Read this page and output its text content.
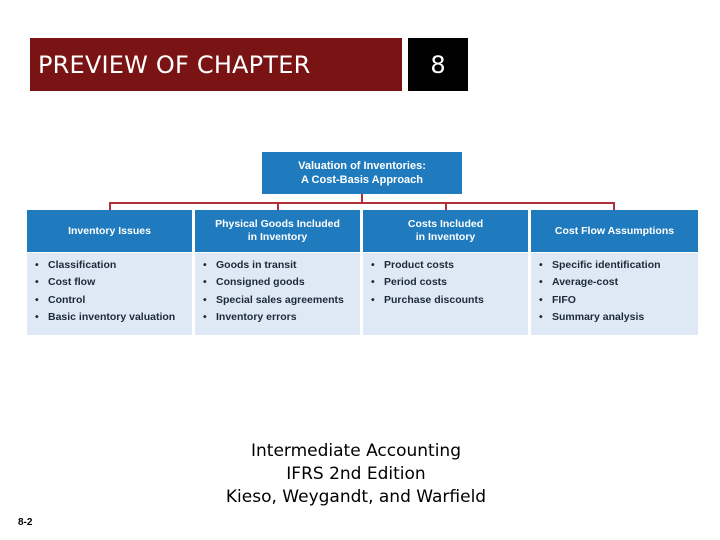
PREVIEW OF CHAPTER	8
Valuation of Inventories:
A Cost-Basis Approach
Inventory Issues
• Classification
• Cost flow
• Control
• Basic inventory valuation
Physical Goods Included
in Inventory
• Goods in transit
• Consigned goods
• Special sales agreements
• Inventory errors
Costs Included
in Inventory
• Product costs
• Period costs
• Purchase discounts
Cost Flow Assumptions
• Specific identification
• Average-cost
• FIFO
• Summary analysis
Intermediate Accounting
IFRS 2nd Edition
Kieso, Weygandt, and Warfield
8-2
